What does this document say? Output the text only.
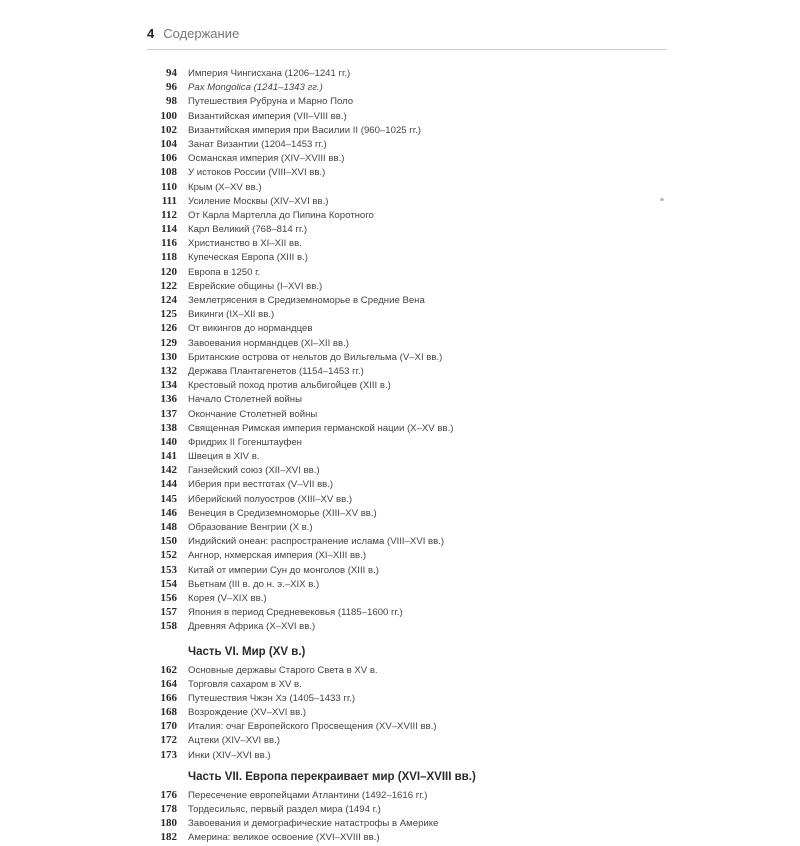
4 Содержание
94 Империя Чингисхана (1206–1241 гг.)
96 Pax Mongolica (1241–1343 гг.)
98 Путешествия Рубруна и Марно Поло
100 Византийская империя (VII–VIII вв.)
102 Византийская империя при Василии II (960–1025 гг.)
104 Занат Византии (1204–1453 гг.)
106 Османская империя (XIV–XVIII вв.)
108 У истоков России (VIII–XVI вв.)
110 Крым (X–XV вв.)
111 Усиление Москвы (XIV–XVI вв.)
112 От Карла Мартелла до Пипина Коротного
114 Карл Великий (768–814 гг.)
116 Христианство в XI–XII вв.
118 Купеческая Европа (XIII в.)
120 Европа в 1250 г.
122 Еврейские общины (I–XVI вв.)
124 Землетрясения в Средиземноморье в Средние Вена
125 Викинги (IX–XII вв.)
126 От викингов до нормандцев
129 Завоевания нормандцев (XI–XII вв.)
130 Британские острова от нельтов до Вильгельма (V–XI вв.)
132 Держава Плантагенетов (1154–1453 гг.)
134 Крестовый поход против альбигойцев (XIII в.)
136 Начало Столетней войны
137 Окончание Столетней войны
138 Священная Римская империя германской нации (X–XV вв.)
140 Фридрих II Гогенштауфен
141 Швеция в XIV в.
142 Ганзейский союз (XII–XVI вв.)
144 Иберия при вестготах (V–VII вв.)
145 Иберийский полуостров (XIII–XV вв.)
146 Венеция в Средиземноморье (XIII–XV вв.)
148 Образование Венгрии (X в.)
150 Индийский онеан: распространение ислама (VIII–XVI вв.)
152 Ангнор, нхмерская империя (XI–XIII вв.)
153 Китай от империи Сун до монголов (XIII в.)
154 Вьетнам (III в. до н. э.–XIX в.)
156 Корея (V–XIX вв.)
157 Япония в период Средневековья (1185–1600 гг.)
158 Древняя Африка (X–XVI вв.)
Часть VI. Мир (XV в.)
162 Основные державы Старого Света в XV в.
164 Торговля сахаром в XV в.
166 Путешествия Чжэн Хэ (1405–1433 гг.)
168 Возрождение (XV–XVI вв.)
170 Италия: очаг Европейского Просвещения (XV–XVIII вв.)
172 Ацтеки (XIV–XVI вв.)
173 Инки (XIV–XVI вв.)
Часть VII. Европа перекраивает мир (XVI–XVIII вв.)
176 Пересечение европейцами Атлантини (1492–1616 гг.)
178 Тордесильяс, первый раздел мира (1494 г.)
180 Завоевания и демографические натастрофы в Америке
182 Америна: великое освоение (XVI–XVIII вв.)
